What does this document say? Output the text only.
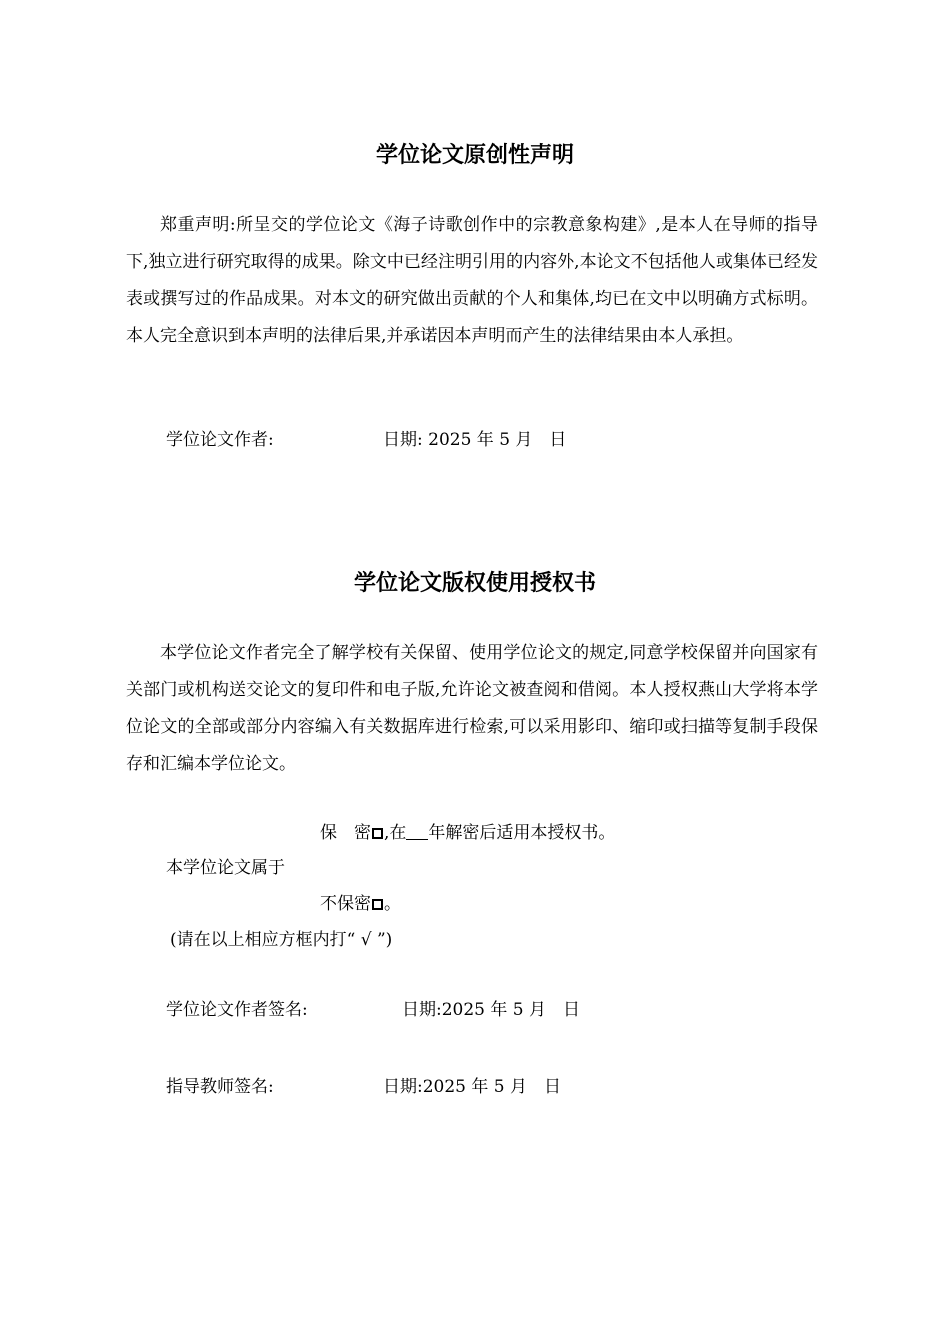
学位论文原创性声明
郑重声明:所呈交的学位论文《海子诗歌创作中的宗教意象构建》,是本人在导师的指导下,独立进行研究取得的成果。除文中已经注明引用的内容外,本论文不包括他人或集体已经发表或撰写过的作品成果。对本文的研究做出贡献的个人和集体,均已在文中以明确方式标明。本人完全意识到本声明的法律后果,并承诺因本声明而产生的法律结果由本人承担。
学位论文作者:	日期: 2025 年 5 月　日
学位论文版权使用授权书
本学位论文作者完全了解学校有关保留、使用学位论文的规定,同意学校保留并向国家有关部门或机构送交论文的复印件和电子版,允许论文被查阅和借阅。本人授权燕山大学将本学位论文的全部或部分内容编入有关数据库进行检索,可以采用影印、缩印或扫描等复制手段保存和汇编本学位论文。
保　密 ,在 年解密后适用本授权书。
本学位论文属于
不保密 。
(请在以上相应方框内打“ √ ”)
学位论文作者签名:	日期:2025 年 5 月　日
指导教师签名:	日期:2025 年 5 月　日
